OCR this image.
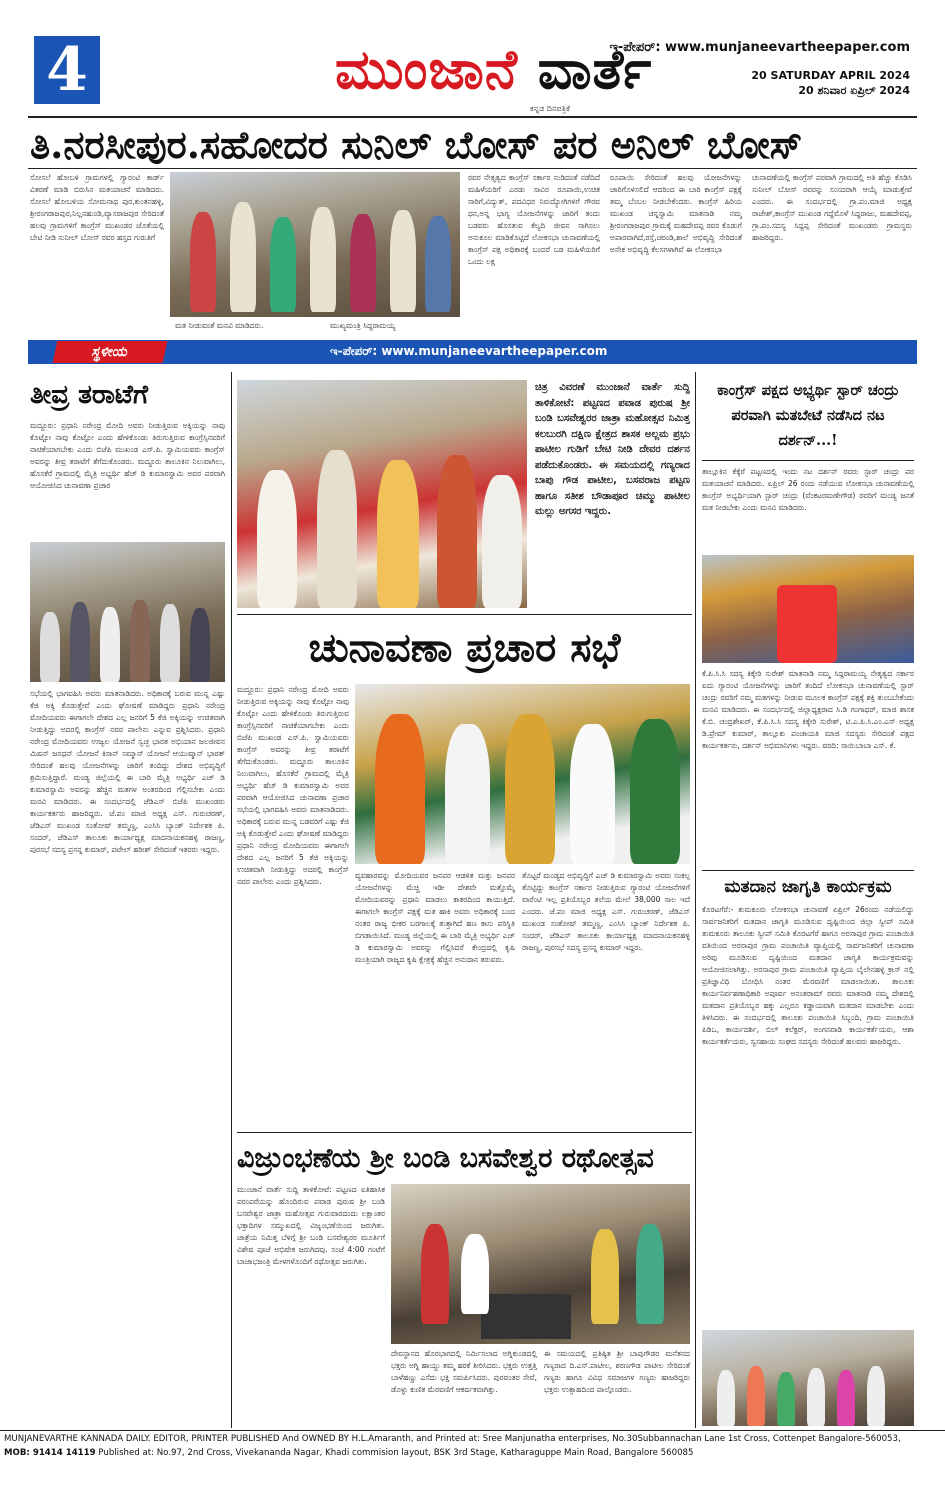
4	ಮುಂಜಾನೆ ವಾರ್ತೆ
ಕನ್ನಡ ದಿನಪತ್ರಿಕೆ
ಇ-ಪೇಪರ್: www.munjaneevartheepaper.com
20 SATURDAY APRIL 2024
20 ಶನಿವಾರ ಏಪ್ರಿಲ್ 2024
ತಿ.ನರಸೀಪುರ.ಸಹೋದರ ಸುನಿಲ್ ಬೋಸ್ ಪರ ಅನಿಲ್ ಬೋಸ್
ಸೋಸಲೆ ಹೋಬಳಿ ಗ್ರಾಮಗಳಲ್ಲಿ ಗ್ಯಾರಂಟಿ ಕಾರ್ಡ್ ವಿತರಣೆ ಮಾಡಿ ಬಿರುಸಿನ ಮತಯಾಚನೆ ಮಾಡಿದರು. ಸೋಸಲೆ ಹೋಬಳಿಯ ಸೋಮನಾಥ ಪುರ,ಕುಂತನಹಳ್ಳಿ, ಶ್ರೀರಂಗರಾಜಪುರ,ನಿಲ್ಲನಹುಂಡಿ,ವ್ಯಾಸರಾಜಪುರ ಸೇರಿದಂತೆ ಹಲವು ಗ್ರಾಮಗಳಿಗೆ ಕಾಂಗ್ರೆಸ್ ಮುಖಂಡರ ಜೊತೆಯಲ್ಲಿ ಬೇಟಿ ನೀಡಿ ಸುನೀಲ್ ಬೋಸ್ ರವರ ಹಸ್ತದ ಗುರುತಿಗೆ
ಮತ ನೀಡುವಂತೆ ಮನವಿ ಮಾಡಿದರು.	ಮುಖ್ಯಮಂತ್ರಿ ಸಿದ್ದರಾಮಯ್ಯ
ರವರ ನೇತೃತ್ವದ ಕಾಂಗ್ರೆಸ್ ಸರ್ಕಾರ ನುಡಿದಂತೆ ನಡೆದಿದೆ ಮಹಿಳೆಯರಿಗೆ ಎರಡು ಸಾವಿರ ರೂಪಾಯಿ,ಉಚಿತ ಸಾರಿಗೆ,ವಿದ್ಯುತ್, ಪದವಿಧರ ನಿರುದ್ಯೋಗಿಗಳಿಗೆ ಗೌರವ ಧನ,ಅನ್ನ ಭಾಗ್ಯ ಯೋಜನೆಗಳನ್ನು ಜಾರಿಗೆ ತಂದು ಬಡವರು ಹೊಸತುವ ಕೆಲ್ಯದಿ ಜೀವನ ಸಾಗಿಸಲು ಅನುಕೂಲ ಮಾಡಿಕೊಟ್ಟಿದೆ ಲೋಕಸಭಾ ಚುನಾವಣೆಯಲ್ಲಿ ಕಾಂಗ್ರೆಸ್ ಪಕ್ಷ ಅಧಿಕಾರಕ್ಕೆ ಬಂದರೆ ಬಡ ಮಹಿಳೆಯರಿಗೆ ಒಂದು ಲಕ್ಷ
ರೂಪಾಯಿ ಸೇರಿದಂತೆ ಹಲವು ಯೋಜನೆಗಳನ್ನು ಜಾರಿಗೊಳಿಸಲಿದೆ ಆದರಿಂದ ಈ ಬಾರಿ ಕಾಂಗ್ರೆಸ್ ಪಕ್ಷಕ್ಕೆ ತಮ್ಮ ಬೆಂಬಲ ನೀಡಬೇಕೆಂದರು. ಕಾಂಗ್ರೆಸ್ ಹಿರಿಯ ಮುಖಂಡ ಚನ್ನಸ್ವಾಮಿ ಮಾತನಾಡಿ ನಮ್ಮ ಶ್ರೀರಂಗರಾಜಪುರ ಗ್ರಾಮಕ್ಕೆ ಮಹದೇವಪ್ಪ ರವರ ಕೊಡುಗೆ ಅಪಾರವಾಗಿದೆ,ರಸ್ತೆ,ಚರಂಡಿ,ಶಾಲೆ ಅಭಿವೃದ್ಧಿ ಸೇರಿದಂತೆ ಅನೇಕ ಅಭಿವೃದ್ಧಿ ಕೆಲಸಗಳಾಗಿವೆ ಈ ಲೋಕಸಭಾ
ಚುನಾವಣೆಯಲ್ಲಿ ಕಾಂಗ್ರೆಸ್ ಪರವಾಗಿ ಗ್ರಾಮದಲ್ಲಿ ಅತಿ ಹೆಚ್ಚು ಕೊಡಿಸಿ ಸುನೀಲ್ ಬೋಸ್ ರವರನ್ನು ಸಂಸದರಾಗಿ ಆಯ್ಕೆ ಮಾಡುತ್ತೇವೆ ಎಂದರು. ಈ ಸಂದರ್ಭದಲ್ಲಿ ಗ್ರಾ.ಪಂ.ಮಾಜಿ ಅಧ್ಯಕ್ಷ ರಾಜೇಶ್,ಕಾಂಗ್ರೆಸ್ ಮುಖಂಡ ಗದ್ದೆಮೊಳೆ ಸಿದ್ದರಾಜು, ಮಹದೇವಪ್ಪ, ಗ್ರಾ.ಪಂ.ಸದಸ್ಯ ಸಿದ್ದಪ್ಪ ಸೇರಿದಂತೆ ಮುಖಂಡರು ಗ್ರಾಮಸ್ಥರು ಹಾಜರಿದ್ದರು.
ಸ್ಥಳೀಯ	ಇ-ಪೇಪರ್: www.munjaneevartheepaper.com
ತೀವ್ರ ತರಾಟೆಗೆ
ಮದ್ದೂರು: ಪ್ರಧಾನಿ ನರೇಂದ್ರ ಮೋದಿ ಅವರು ನೀಡುತ್ತಿರುವ ಅಕ್ಕಿಯನ್ನು ನಾವು ಕೊಟ್ಟೋ ನಾವು ಕೊಟ್ಟೋ ಎಂದು ಹೇಳಿಕೊಂಡು ತಿರುಗುತ್ತಿರುವ ಕಾಂಗ್ರೆಸ್ಸಿನವರಿಗೆ ನಾಚಿಕೆಯಾಗಬೇಕು ಎಂದು ಬಿಜೆಪಿ ಮುಖಂಡ ಎಸ್.ಪಿ. ಸ್ವಾಮಿಯವರು ಕಾಂಗ್ರೆಸ್ ಅವರನ್ನು ತೀವ್ರ ತರಾಟೆಗೆ ತೆಗೆದುಕೊಂಡರು. ಮದ್ದೂರು ತಾಲೂಕಿನ ನಿಲುವಾಗಿಲು, ಹೊಸಕೆರೆ ಗ್ರಾಮದಲ್ಲಿ ಮೈತ್ರಿ ಅಭ್ಯರ್ಥಿ ಹೆಚ್ ಡಿ ಕುಮಾರಸ್ವಾಮಿ ಅವರ ಪರವಾಗಿ ಆಯೋಜಿಸಿದ ಚುನಾವಣಾ ಪ್ರಚಾರ
ಸಭೆಯಲ್ಲಿ ಭಾಗವಹಿಸಿ ಅವರು ಮಾತನಾಡಿದರು. ಅಧಿಕಾರಕ್ಕೆ ಬರುವ ಮುನ್ನ ಎಷ್ಟು ಕೆಜಿ ಅಕ್ಕಿ ಕೊಡುತ್ತೇವೆ ಎಂದು ಘೋಷಣೆ ಮಾಡಿದ್ದರು ಪ್ರಧಾನಿ ನರೇಂದ್ರ ಮೋದಿಯವರು ಈಗಾಗಲೇ ದೇಶದ ಎಲ್ಲ ಜನರಿಗೆ 5 ಕೆಜಿ ಅಕ್ಕಿಯನ್ನು ಉಚಿತವಾಗಿ ನೀಡುತ್ತಿದ್ದು ಅದರಲ್ಲಿ ಕಾಂಗ್ರೆಸ್ ನವರ ಪಾಲೇನು ಎನ್ನುವ ಪ್ರಶ್ನಿಸಿದರು. ಪ್ರಧಾನಿ ನರೇಂದ್ರ ಮೋದಿಯವರು ಉಜ್ವಲ ಯೋಜನೆ ಸ್ವಚ್ಛ ಭಾರತ ಅಭಿಯಾನ ಜಲಜೀವನ ಮಿಷನ್ ಜನಧನ್ ಯೋಜನೆ ಕಿಸಾನ್ ಸಮ್ಮಾನ್ ಯೋಜನೆ ಆಯುಷ್ಮಾನ್ ಭಾರತ್ ಸೇರಿದಂತೆ ಹಲವು ಯೋಜನೆಗಳನ್ನು ಜಾರಿಗೆ ತಂದಿದ್ದು ದೇಶದ ಅಭಿವೃದ್ಧಿಗೆ ಶ್ರಮಿಸುತ್ತಿದ್ದಾರೆ. ಮಂಡ್ಯ ಜಿಲ್ಲೆಯಲ್ಲಿ ಈ ಬಾರಿ ಮೈತ್ರಿ ಅಭ್ಯರ್ಥಿ ಎಚ್ ಡಿ ಕುಮಾರಸ್ವಾಮಿ ಅವರನ್ನು ಹೆಚ್ಚಿನ ಮತಗಳ ಅಂತರದಿಂದ ಗೆಲ್ಲಿಸಬೇಕು ಎಂದು ಮನವಿ ಮಾಡಿದರು. ಈ ಸಂದರ್ಭದಲ್ಲಿ ಜೆಡಿಎಸ್ ಬಿಜೆಪಿ ಮುಖಂಡರು ಕಾರ್ಯಕರ್ತರು ಹಾಜರಿದ್ದರು. ಜೆ.ಪಂ ಮಾಜಿ ಅಧ್ಯಕ್ಷ ಎಸ್. ಗುರುಚರಣ್, ಜೆಡಿಎಸ್ ಮುಖಂಡ ಸಂತೋಷ್ ತಮ್ಮಣ್ಣ, ಎಂಸಿಸಿ ಬ್ಯಾಂಕ್ ನಿರ್ದೇಶಕ ಪಿ. ಸಂದರ್, ಜೆಡಿಎಸ್ ತಾಲೂಕು ಕಾರ್ಯಾಧ್ಯಕ್ಷ ಮಾದನಾಯಕನಹಳ್ಳಿ ರಾಜಣ್ಣ, ಪುರಸಭೆ ಸದಸ್ಯ ಪ್ರಸನ್ನ ಕುಮಾರ್, ಪಟೇಲ್ ಹರೀಶ್ ಸೇರಿದಂತೆ ಇತರರು ಇದ್ದರು.
ಚಿತ್ರ ವಿವರಣೆ ಮುಂಜಾನೆ ವಾರ್ತೆ ಸುದ್ದಿ ತಾಳಿಕೋಟೆ: ಪಟ್ಟಣದ ಪವಾಡ ಪುರುಷ ಶ್ರೀ ಬಂಡಿ ಬಸವೇಶ್ವರರ ಜಾತ್ರಾ ಮಹೋತ್ಸವ ನಿಮಿತ್ತ ಕಲಬುರಗಿ ದಕ್ಷಿಣ ಕ್ಷೇತ್ರದ ಶಾಸಕ ಅಲ್ಲಮ ಪ್ರಭು ಪಾಟೀಲ ಗುಡಿಗೆ ಬೇಟಿ ನೀಡಿ ದೇವರ ದರ್ಶನ ಪಡೆದುಕೊಂಡರು. ಈ ಸಮಯದಲ್ಲಿ ಗಣ್ಯರಾದ ಬಾಪು ಗೌಡ ಪಾಟೀಲ, ಬಸವರಾಜ ಪಟ್ಟಣ ಹಾಗೂ ಸತೀಶ ಬೌಡಾಪೂರ ಚಿಮ್ಮು ಪಾಟೀಲ ಮಲ್ಲು ಅಗಸರ ಇದ್ದರು.
ಚುನಾವಣಾ ಪ್ರಚಾರ ಸಭೆ
ಮದ್ದೂರು: ಪ್ರಧಾನಿ ನರೇಂದ್ರ ಮೋದಿ ಅವರು ನೀಡುತ್ತಿರುವ ಅಕ್ಕಿಯನ್ನು ನಾವು ಕೊಟ್ಟೋ ನಾವು ಕೊಟ್ಟೋ ಎಂದು ಹೇಳಿಕೊಂಡು ತಿರುಗುತ್ತಿರುವ ಕಾಂಗ್ರೆಸ್ಸಿನವರಿಗೆ ನಾಚಿಕೆಯಾಗಬೇಕು ಎಂದು ಬಿಜೆಪಿ ಮುಖಂಡ ಎಸ್.ಪಿ. ಸ್ವಾಮಿಯವರು ಕಾಂಗ್ರೆಸ್ ಅವರನ್ನು ತೀವ್ರ ತರಾಟೆಗೆ ತೆಗೆದುಕೊಂಡರು. ಮದ್ದೂರು ತಾಲೂಕಿನ ನಿಲುವಾಗಿಲು, ಹೊಸಕೆರೆ ಗ್ರಾಮದಲ್ಲಿ ಮೈತ್ರಿ ಅಭ್ಯರ್ಥಿ ಹೆಚ್ ಡಿ ಕುಮಾರಸ್ವಾಮಿ ಅವರ ಪರವಾಗಿ ಆಯೋಜಿಸಿದ ಚುನಾವಣಾ ಪ್ರಚಾರ ಸಭೆಯಲ್ಲಿ ಭಾಗವಹಿಸಿ ಅವರು ಮಾತನಾಡಿದರು. ಅಧಿಕಾರಕ್ಕೆ ಬರುವ ಮುನ್ನ ಬಡವರಿಗೆ ಎಷ್ಟು ಕೆಜಿ ಅಕ್ಕಿ ಕೊಡುತ್ತೇವೆ ಎಂದು ಘೋಷಣೆ ಮಾಡಿದ್ದರು ಪ್ರಧಾನಿ ನರೇಂದ್ರ ಮೋದಿಯವರು ಈಗಾಗಲೇ ದೇಶದ ಎಲ್ಲ ಜನರಿಗೆ 5 ಕೆಜಿ ಅಕ್ಕಿಯನ್ನು ಉಚಿತವಾಗಿ ನೀಡುತ್ತಿದ್ದು ಅದರಲ್ಲಿ ಕಾಂಗ್ರೆಸ್ ನವರ ಪಾಲೇನು ಎಂದು ಪ್ರಶ್ನಿಸಿದರು.
ವ್ಯವಹಾರವನ್ನು ಮೋದಿಯವರ ಜನಪರ ಆಡಳಿತ ಮತ್ತು ಜನಪರ ಯೋಜನೆಗಳನ್ನು ಮೆಚ್ಚಿ ಇಡೀ ದೇಶವೇ ಮತ್ತೊಮ್ಮೆ ಮೋದಿಯವರನ್ನು ಪ್ರಧಾನಿ ಮಾಡಲು ಕಾತರದಿಂದ ಕಾಯುತ್ತಿದೆ. ಈಗಾಗಲೇ ಕಾಂಗ್ರೆಸ್ ಪಕ್ಷಕ್ಕೆ ಮತ ಹಾಕಿ ಅವರು ಅಧಿಕಾರಕ್ಕೆ ಬಂದ ನಂತರ ರಾಜ್ಯ ಭೀಕರ ಬರಗಾಲಕ್ಕೆ ತುತ್ತಾಗಿದೆ ಹಣ ಕಾಸು ಪರಿಸ್ಥಿತಿ ಬಿಗಡಾಯಿಸಿದೆ. ಮಂಡ್ಯ ಜಿಲ್ಲೆಯಲ್ಲಿ ಈ ಬಾರಿ ಮೈತ್ರಿ ಅಭ್ಯರ್ಥಿ ಎಚ್ ಡಿ ಕುಮಾರಸ್ವಾಮಿ ಅವರನ್ನು ಗೆಲ್ಲಿಸಿದರೆ ಕೇಂದ್ರದಲ್ಲಿ ಕೃಷಿ ಮಂತ್ರಿಯಾಗಿ ರಾಜ್ಯದ ಕೃಷಿ ಕ್ಷೇತ್ರಕ್ಕೆ ಹೆಚ್ಚಿನ ಅನುದಾನ ತರುವರು.
ತೊಟ್ಟರೆ ಮಂಡ್ಯದ ಅಭಿವೃದ್ಧಿಗೆ ಎಚ್ ಡಿ ಕುಮಾರಸ್ವಾಮಿ ಅವರು ಸಂಕಲ್ಪ ತೊಟ್ಟಿದ್ದು ಕಾಂಗ್ರೆಸ್ ಸರ್ಕಾರ ನೀಡುತ್ತಿರುವ ಗ್ಯಾರಂಟಿ ಯೋಜನೆಗಳಿಗೆ ವಾರೆಂಟಿ ಇಲ್ಲ ಪ್ರತಿಯೊಬ್ಬರ ತಲೆಯ ಮೇಲೆ 38,000 ಸಾಲ ಇದೆ ಎಂದರು. ಜೆ.ಪಂ ಮಾಜಿ ಅಧ್ಯಕ್ಷ ಎಸ್. ಗುರುಚರಣ್, ಜೆಡಿಎಸ್ ಮುಖಂಡ ಸಂತೋಷ್ ತಮ್ಮಣ್ಣ, ಎಂಸಿಸಿ ಬ್ಯಾಂಕ್ ನಿರ್ದೇಶಕ ಪಿ. ಸಂದರ್, ಜೆಡಿಎಸ್ ತಾಲೂಕು ಕಾರ್ಯಾಧ್ಯಕ್ಷ ಮಾದನಾಯಕನಹಳ್ಳಿ ರಾಜಣ್ಣ, ಪುರಸಭೆ ಸದಸ್ಯ ಪ್ರಸನ್ನ ಕುಮಾರ್ ಇದ್ದರು.
ವಿಜ್ರುಂಭಣೆಯ ಶ್ರೀ ಬಂಡಿ ಬಸವೇಶ್ವರ ರಥೋತ್ಸವ
ಮುಂಜಾನೆ ವಾರ್ತೆ ಸುದ್ದಿ ತಾಳಿಕೋಟೆ: ಪಟ್ಟಣದ ಐತಿಹಾಸಿಕ ಪರಂಪರೆಯನ್ನು ಹೊಂದಿರುವ ಪವಾಡ ಪುರುಷ ಶ್ರೀ ಬಂಡಿ ಬಸವೇಶ್ವರ ಜಾತ್ರಾ ಮಹೋತ್ಸವ ಗುರುವಾರದಂದು ಲಕ್ಷಾಂತರ ಭಕ್ತಾದಿಗಳ ಸಮ್ಮುಖದಲ್ಲಿ ವಿಜೃಂಭಣೆಯಿಂದ ಜರುಗಿತು. ಜಾತ್ರೆಯ ನಿಮಿತ್ತ ಬೆಳಿಗ್ಗೆ ಶ್ರೀ ಬಂಡಿ ಬಸವೇಶ್ವರರ ಮೂರ್ತಿಗೆ ವಿಶೇಷ ಪೂಜೆ ಅಭಿಷೇಕ ಜರುಗಿದವು. ಸಂಜೆ 4:00 ಗಂಟೆಗೆ ಬಾಜಾಭಜಂತ್ರಿ ಮೇಳಗಳೊಂದಿಗೆ ರಥೋತ್ಸವ ಜರುಗಿತು.
ದೇವಸ್ಥಾನದ ಹೊರಭಾಗದಲ್ಲಿ ನಿರ್ಮಿಸಲಾದ ಅಗ್ನಿಕುಂಡದಲ್ಲಿ ಭಕ್ತರು ಅಗ್ನಿ ಹಾಯ್ದು ತಮ್ಮ ಹರಕೆ ತೀರಿಸಿದರು. ಭಕ್ತರು ಉತ್ತತ್ತಿ ಬಾಳೆಹಣ್ಣು ಎಸೆದು ಭಕ್ತಿ ಸಮರ್ಪಿಸಿದರು. ಪುರವಂತರ ಸೇವೆ, ಡೊಳ್ಳು ಕುಣಿತ ಮೆರವಣಿಗೆ ಆಕರ್ಷಕವಾಗಿತ್ತು.
ಈ ಸಮಯದಲ್ಲಿ ಪ್ರತಿಷ್ಠಿತ ಶ್ರೀ ಬಾಪುಗೌಡರ ಮನೆತನದ ಗಣ್ಯರಾದ ದಿ.ಎಸ್.ಪಾಟೀಲ, ಶರಣಗೌಡ ಪಾಟೀಲ ಸೇರಿದಂತೆ ಗಣ್ಯರು ಹಾಗೂ ವಿವಿಧ ಸಮಾಜಗಳ ಗಣ್ಯರು ಹಾಜರಿದ್ದರು ಭಕ್ತರು ಉತ್ಸಾಹದಿಂದ ಪಾಲ್ಗೊಂಡರು.
ಕಾಂಗ್ರೆಸ್ ಪಕ್ಷದ ಅಭ್ಯರ್ಥಿ ಸ್ಟಾರ್ ಚಂದ್ರು ಪರವಾಗಿ ಮತಬೇಟೆ ನಡೆಸಿದ ನಟ ದರ್ಶನ್...!
ತಾಲ್ಲೂಕಿನ ಕೆಕ್ಕೆರೆ ಪಟ್ಟಣದಲ್ಲಿ ಇಂದು ನಟ ದರ್ಶನ್ ರವರು ಸ್ಟಾರ್ ಚಂದ್ರು ಪರ ಮತಯಾಚನೆ ಮಾಡಿದರು. ಏಪ್ರಿಲ್ 26 ರಂದು ನಡೆಯುವ ಲೋಕಸಭಾ ಚುನಾವಣೆಯಲ್ಲಿ ಕಾಂಗ್ರೆಸ್ ಅಭ್ಯರ್ಥಿಯಾಗಿ ಸ್ಟಾರ್ ಚಂದ್ರು (ವೆಂಕಟರಮಣೇಗೌಡ) ರವರಿಗೆ ಮಂಡ್ಯ ಜನತೆ ಮತ ನೀಡಬೇಕು ಎಂದು ಮನವಿ ಮಾಡಿದರು.
ಕೆ.ಪಿ.ಸಿ.ಸಿ ಸದಸ್ಯ ಕಿಕ್ಕೇರಿ ಸುರೇಶ್ ಮಾತನಾಡಿ ನಮ್ಮ ಸಿದ್ದರಾಮಯ್ಯ ನೇತೃತ್ವದ ಸರ್ಕಾರ ಐದು ಗ್ಯಾರಂಟಿ ಯೋಜನೆಗಳನ್ನು ಜಾರಿಗೆ ತಂದಿದೆ ಲೋಕಸಭಾ ಚುನಾವಣೆಯಲ್ಲಿ ಸ್ಟಾರ್ ಚಂದ್ರು ರವರಿಗೆ ನಮ್ಮ ಮತಗಳನ್ನು ನೀಡುವ ಮೂಲಕ ಕಾಂಗ್ರೆಸ್ ಪಕ್ಷಕ್ಕೆ ಶಕ್ತಿ ತುಂಬಬೇಕೆಂದು ಮನವಿ ಮಾಡಿದರು. ಈ ಸಂದರ್ಭದಲ್ಲಿ ಜಿಲ್ಲಾಧ್ಯಕ್ಷರಾದ ಸಿ.ಡಿ ಗಂಗಾಧರ್, ಮಾಜಿ ಶಾಸಕ ಕೆ.ಬಿ. ಚಂದ್ರಶೇಖರ್, ಕೆ.ಪಿ.ಸಿ.ಸಿ ಸದಸ್ಯ ಕಿಕ್ಕೇರಿ ಸುರೇಶ್, ಟಿ.ಎ.ಪಿ.ಸಿ.ಎಂ.ಎಸ್ ಅಧ್ಯಕ್ಷ ಡಿ.ಪ್ರೇಮ್ ಕುಮಾರ್, ತಾಲ್ಲೂಕು ಪಂಚಾಯತಿ ಮಾಜಿ ಸದಸ್ಯರು ಸೇರಿದಂತೆ ಪಕ್ಷದ ಕಾರ್ಯಕರ್ತರು, ದರ್ಶನ್ ಅಭಿಮಾನಿಗಳು ಇದ್ದರು. ವರದಿ: ಸಾಯಿಬಾಬಾ ಎಸ್. ಕೆ.
ಮತದಾನ ಜಾಗೃತಿ ಕಾರ್ಯಕ್ರಮ
ಕೊರಟಗೆರೆ:- ತುಮಕೂರು ಲೋಕಸಭಾ ಚುನಾವಣೆ ಏಪ್ರಿಲ್ 26ರಂದು ನಡೆಯಲಿದ್ದು ಸಾರ್ವಜನಿಕರಿಗೆ ಮತದಾನ ಜಾಗೃತಿ ಮೂಡಿಸುವ ದೃಷ್ಟಿಯಿಂದ ಜಿಲ್ಲಾ ಸ್ವೀಪ್ ಸಮಿತಿ ತುಮಕೂರು ತಾಲೂಕು ಸ್ವೀಪ್ ಸಮಿತಿ ಕೊರಟಗೆರೆ ಹಾಗೂ ಅರಸಾಪುರ ಗ್ರಾಮ ಪಂಚಾಯಿತಿ ವತಿಯಿಂದ ಅರಸಾಪುರ ಗ್ರಾಮ ಪಂಚಾಯಿತಿ ವ್ಯಾಪ್ತಿಯಲ್ಲಿ ಸಾರ್ವಜನಿಕರಿಗೆ ಚುನಾವಣಾ ಅರಿವು ಮೂಡಿಸುವ ದೃಷ್ಟಿಯಿಂದ ಮತದಾನ ಜಾಗೃತಿ ಕಾರ್ಯಕ್ರಮವನ್ನು ಆಯೋಜಿಸಲಾಗಿತ್ತು. ಅರಸಾಪುರ ಗ್ರಾಮ ಪಂಚಾಯಿತಿ ವ್ಯಾಪ್ತಿಯ ಬೈಲೇನಹಳ್ಳಿ ಕ್ರಾಸ್ ನಲ್ಲಿ ಪ್ರತಿಜ್ಞಾವಿಧಿ ಬೋಧಿಸಿ ನಂತರ ಮೆರವಣಿಗೆ ಮಾಡಲಾಯಿತು. ತಾಲೂಕು ಕಾರ್ಯನಿರ್ವಹಣಾಧಿಕಾರಿ ಅಪೂರ್ವ ಅನಂತರಾಮ್ ರವರು ಮಾತನಾಡಿ ನಮ್ಮ ದೇಶದಲ್ಲಿ ಮತದಾನ ಪ್ರತಿಯೊಬ್ಬರ ಹಕ್ಕು ಎಲ್ಲರೂ ಕಡ್ಡಾಯವಾಗಿ ಮತದಾನ ಮಾಡಬೇಕು ಎಂದು ತಿಳಿಸಿದರು. ಈ ಸಂದರ್ಭದಲ್ಲಿ ತಾಲೂಕು ಪಂಚಾಯಿತಿ ಸಿಬ್ಬಂದಿ, ಗ್ರಾಮ ಪಂಚಾಯಿತಿ ಪಿಡಿಒ, ಕಾರ್ಯದರ್ಶಿ, ಬಿಲ್ ಕಲೆಕ್ಟರ್, ಅಂಗನವಾಡಿ ಕಾರ್ಯಕರ್ತೆಯರು, ಆಶಾ ಕಾರ್ಯಕರ್ತೆಯರು, ಸ್ವಸಹಾಯ ಸಂಘದ ಸದಸ್ಯರು ಸೇರಿದಂತೆ ಹಲವರು ಹಾಜರಿದ್ದರು.
MUNJANEVARTHE KANNADA DAILY. EDITOR, PRINTER PUBLISHED And OWNED BY H.L.Amaranth, and Printed at: Sree Manjunatha enterprises, No.30Subbannachan Lane 1st Cross, Cottenpet Bangalore-560053,
MOB: 91414 14119 Published at: No.97, 2nd Cross, Vivekananda Nagar, Khadi commision layout, BSK 3rd Stage, Katharaguppe Main Road, Bangalore 560085
